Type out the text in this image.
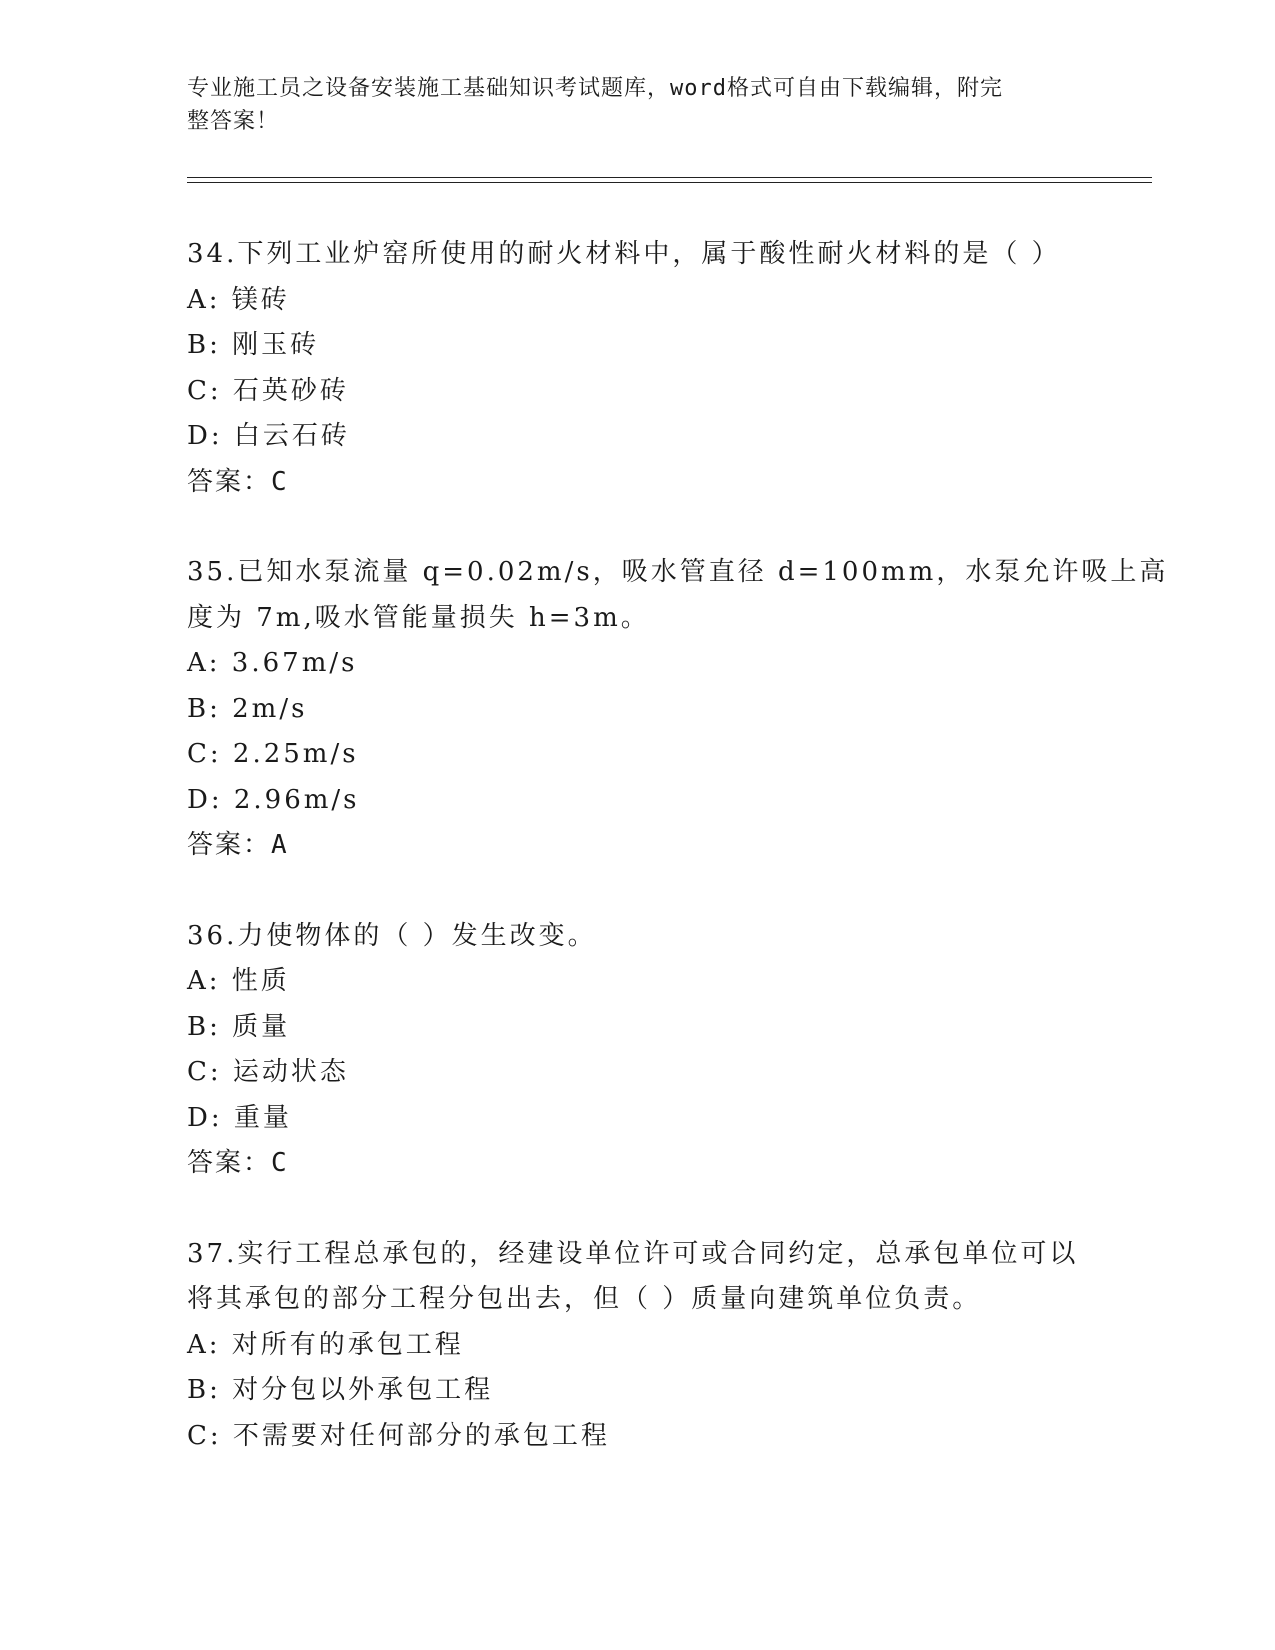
专业施工员之设备安装施工基础知识考试题库，word格式可自由下载编辑，附完
整答案！
34.下列工业炉窑所使用的耐火材料中，属于酸性耐火材料的是（ ）
A: 镁砖
B: 刚玉砖
C: 石英砂砖
D: 白云石砖
答案：C
35.已知水泵流量 q=0.02m/s，吸水管直径 d=100mm，水泵允许吸上高
度为 7m,吸水管能量损失 h=3m。
A: 3.67m/s
B: 2m/s
C: 2.25m/s
D: 2.96m/s
答案：A
36.力使物体的（ ）发生改变。
A: 性质
B: 质量
C: 运动状态
D: 重量
答案：C
37.实行工程总承包的，经建设单位许可或合同约定，总承包单位可以
将其承包的部分工程分包出去，但（ ）质量向建筑单位负责。
A: 对所有的承包工程
B: 对分包以外承包工程
C: 不需要对任何部分的承包工程
